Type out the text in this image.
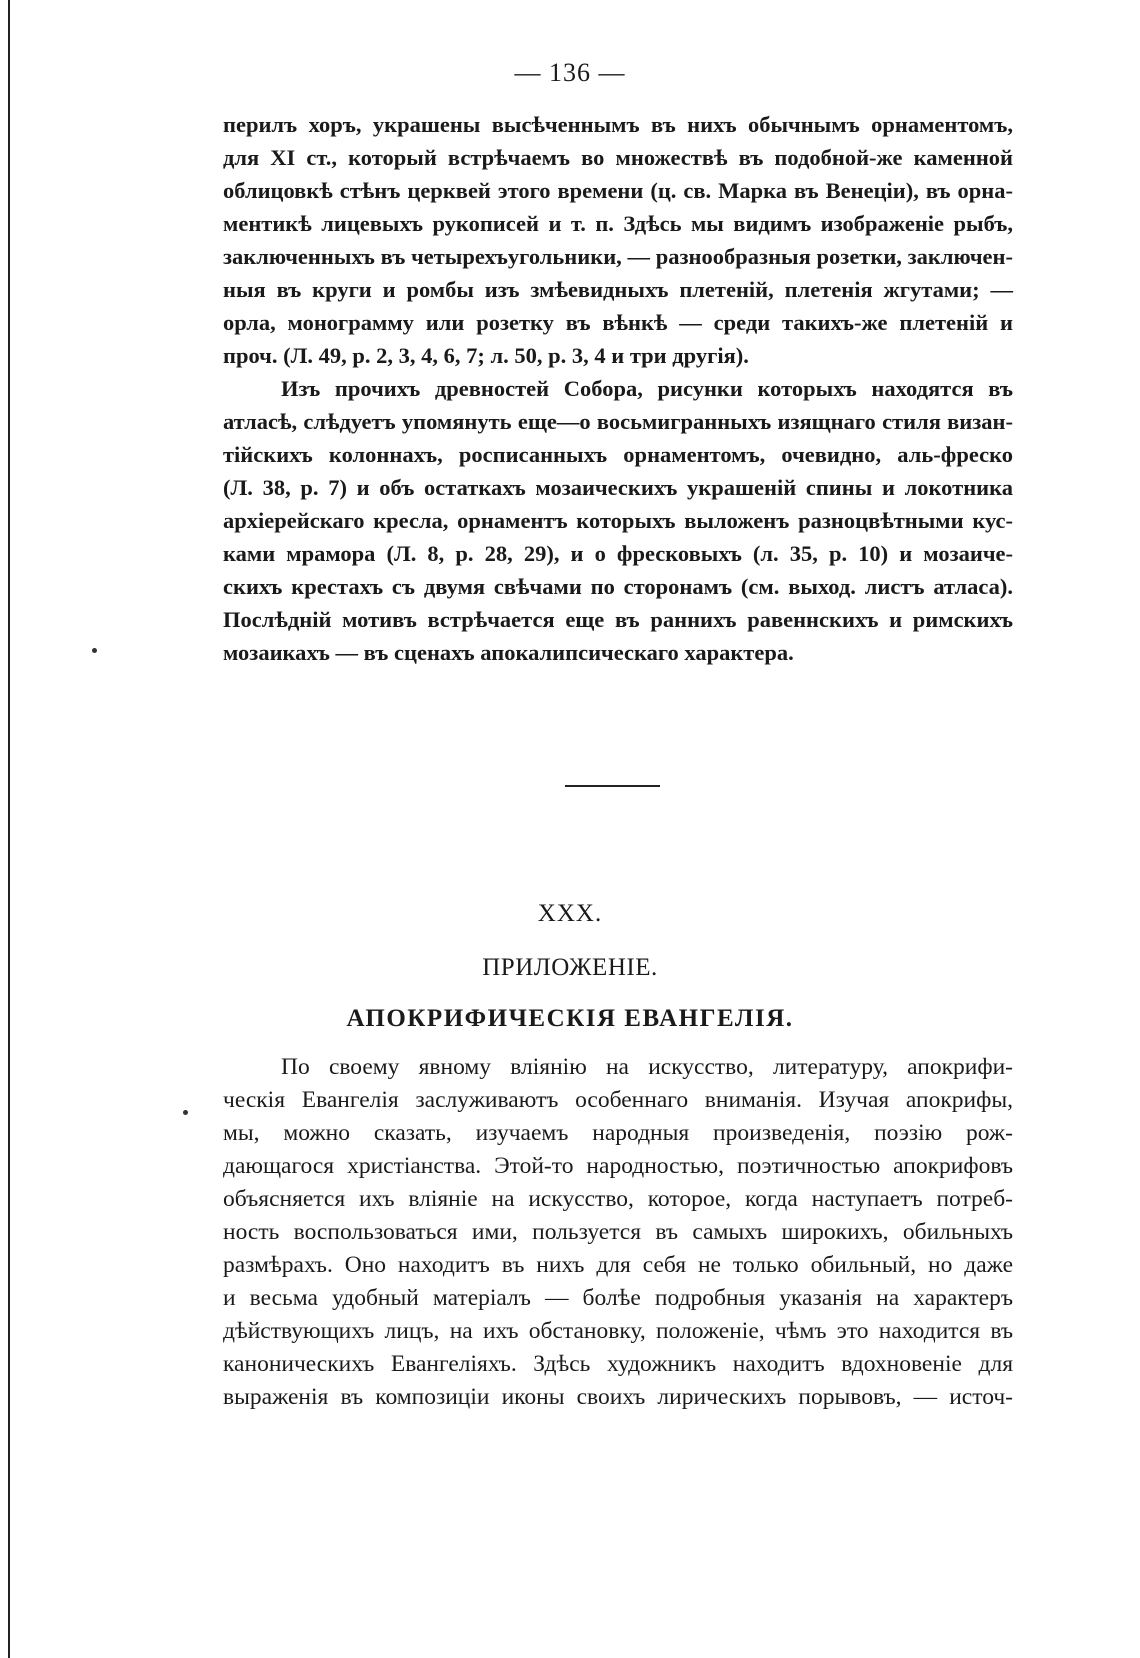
— 136 —
перилъ хоръ, украшены высѣченнымъ въ нихъ обычнымъ орнаментомъ,
для XI ст., который встрѣчаемъ во множествѣ въ подобной-же каменной
облицовкѣ стѣнъ церквей этого времени (ц. св. Марка въ Венеціи), въ орна-
ментикѣ лицевыхъ рукописей и т. п. Здѣсь мы видимъ изображеніе рыбъ,
заключенныхъ въ четырехъугольники, — разнообразныя розетки, заключен-
ныя въ круги и ромбы изъ змѣевидныхъ плетеній, плетенія жгутами; —
орла, монограмму или розетку въ вѣнкѣ — среди такихъ-же плетеній и
проч. (Л. 49, р. 2, 3, 4, 6, 7; л. 50, р. 3, 4 и три другія).
Изъ прочихъ древностей Собора, рисунки которыхъ находятся въ
атласѣ, слѣдуетъ упомянуть еще—о восьмигранныхъ изящнаго стиля визан-
тійскихъ колоннахъ, росписанныхъ орнаментомъ, очевидно, аль-фреско
(Л. 38, р. 7) и объ остаткахъ мозаическихъ украшеній спины и локотника
архіерейскаго кресла, орнаментъ которыхъ выложенъ разноцвѣтными кус-
ками мрамора (Л. 8, р. 28, 29), и о фресковыхъ (л. 35, р. 10) и мозаиче-
скихъ крестахъ съ двумя свѣчами по сторонамъ (см. выход. листъ атласа).
Послѣдній мотивъ встрѣчается еще въ раннихъ равеннскихъ и римскихъ
мозаикахъ — въ сценахъ апокалипсическаго характера.
XXX.
ПРИЛОЖЕНІЕ.
АПОКРИФИЧЕСКІЯ ЕВАНГЕЛІЯ.
По своему явному вліянію на искусство, литературу, апокрифи-
ческія Евангелія заслуживаютъ особеннаго вниманія. Изучая апокрифы,
мы, можно сказать, изучаемъ народныя произведенія, поэзію рож-
дающагося христіанства. Этой-то народностью, поэтичностью апокрифовъ
объясняется ихъ вліяніе на искусство, которое, когда наступаетъ потреб-
ность воспользоваться ими, пользуется въ самыхъ широкихъ, обильныхъ
размѣрахъ. Оно находитъ въ нихъ для себя не только обильный, но даже
и весьма удобный матеріалъ — болѣе подробныя указанія на характеръ
дѣйствующихъ лицъ, на ихъ обстановку, положеніе, чѣмъ это находится въ
каноническихъ Евангеліяхъ. Здѣсь художникъ находитъ вдохновеніе для
выраженія въ композиціи иконы своихъ лирическихъ порывовъ, — источ-
